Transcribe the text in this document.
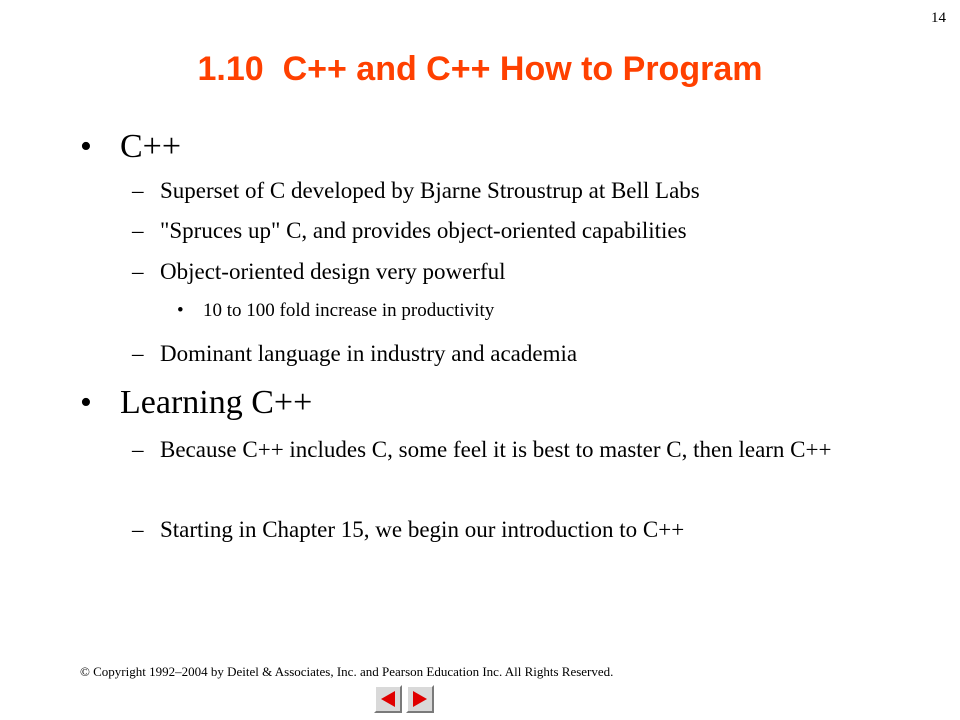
14
1.10  C++ and C++ How to Program
• C++
– Superset of C developed by Bjarne Stroustrup at Bell Labs
– "Spruces up" C, and provides object-oriented capabilities
– Object-oriented design very powerful
• 10 to 100 fold increase in productivity
– Dominant language in industry and academia
• Learning C++
– Because C++ includes C, some feel it is best to master C, then learn C++
– Starting in Chapter 15, we begin our introduction to C++
© Copyright 1992–2004 by Deitel & Associates, Inc. and Pearson Education Inc. All Rights Reserved.
